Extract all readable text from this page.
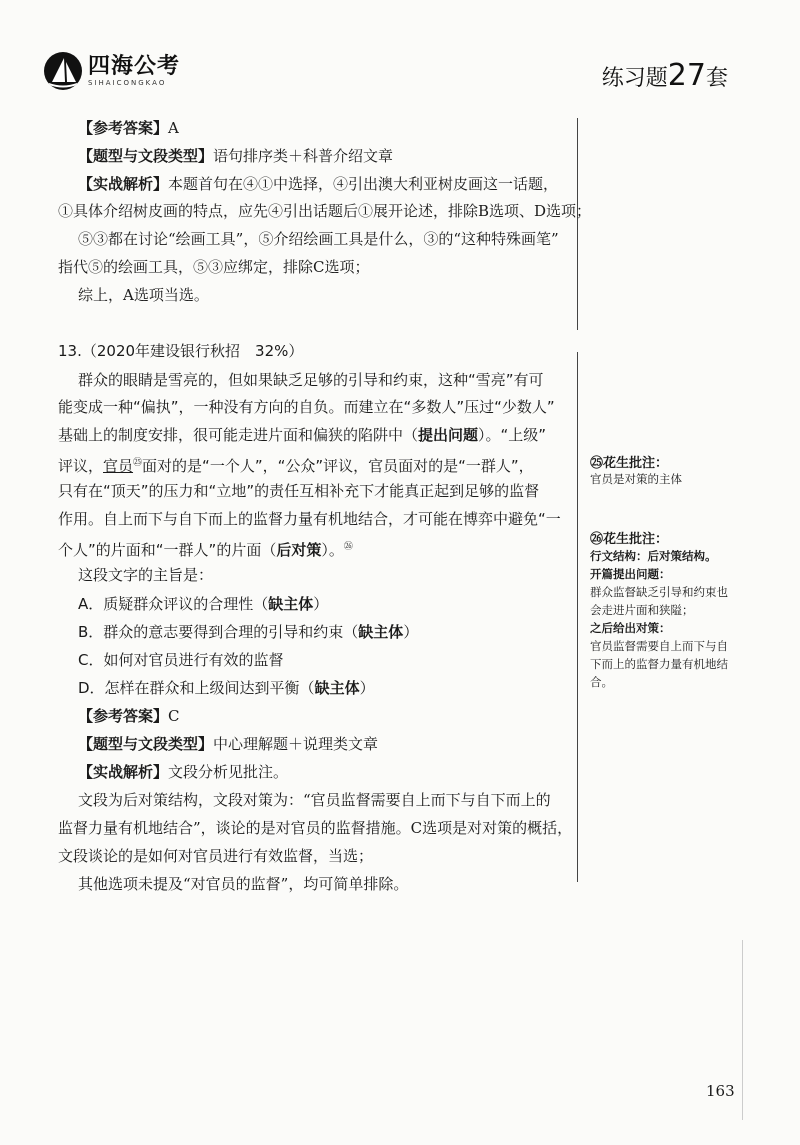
四海公考
SIHAICONGKAO	练习题27套
【参考答案】A
【题型与文段类型】语句排序类＋科普介绍文章
【实战解析】本题首句在④①中选择，④引出澳大利亚树皮画这一话题，
①具体介绍树皮画的特点，应先④引出话题后①展开论述，排除B选项、D选项；
⑤③都在讨论“绘画工具”，⑤介绍绘画工具是什么，③的“这种特殊画笔”
指代⑤的绘画工具，⑤③应绑定，排除C选项；
综上，A选项当选。
13.（2020年建设银行秋招　32%）
群众的眼睛是雪亮的，但如果缺乏足够的引导和约束，这种“雪亮”有可
能变成一种“偏执”，一种没有方向的自负。而建立在“多数人”压过“少数人”
基础上的制度安排，很可能走进片面和偏狭的陷阱中（提出问题）。“上级”
评议，官员$^㉕$面对的是“一个人”，“公众”评议，官员面对的是“一群人”，
只有在“顶天”的压力和“立地”的责任互相补充下才能真正起到足够的监督
作用。自上而下与自下而上的监督力量有机地结合，才可能在博弈中避免“一
个人”的片面和“一群人”的片面（后对策）。$^㉖$
这段文字的主旨是：
A．质疑群众评议的合理性（缺主体）
B．群众的意志要得到合理的引导和约束（缺主体）
C．如何对官员进行有效的监督
D．怎样在群众和上级间达到平衡（缺主体）
【参考答案】C
【题型与文段类型】中心理解题＋说理类文章
【实战解析】文段分析见批注。
文段为后对策结构，文段对策为：“官员监督需要自上而下与自下而上的
监督力量有机地结合”，谈论的是对官员的监督措施。C选项是对对策的概括，
文段谈论的是如何对官员进行有效监督，当选；
其他选项未提及“对官员的监督”，均可简单排除。
㉕花生批注：
官员是对策的主体
㉖花生批注：
行文结构：后对策结构。
开篇提出问题：
群众监督缺乏引导和约束也
会走进片面和狭隘；
之后给出对策：
官员监督需要自上而下与自
下而上的监督力量有机地结
合。
163
